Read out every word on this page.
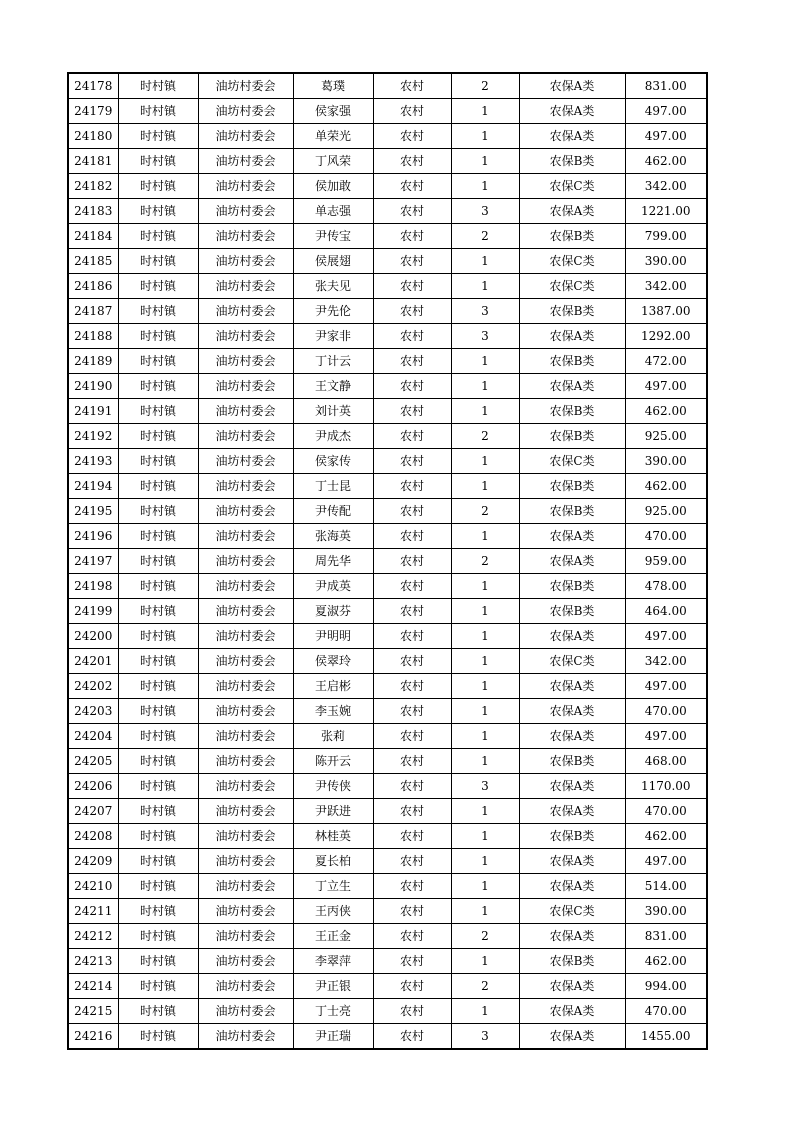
24178	时村镇	油坊村委会	葛璞	农村	2	农保A类	831.00
24179	时村镇	油坊村委会	侯家强	农村	1	农保A类	497.00
24180	时村镇	油坊村委会	单荣光	农村	1	农保A类	497.00
24181	时村镇	油坊村委会	丁风荣	农村	1	农保B类	462.00
24182	时村镇	油坊村委会	侯加敢	农村	1	农保C类	342.00
24183	时村镇	油坊村委会	单志强	农村	3	农保A类	1221.00
24184	时村镇	油坊村委会	尹传宝	农村	2	农保B类	799.00
24185	时村镇	油坊村委会	侯展翅	农村	1	农保C类	390.00
24186	时村镇	油坊村委会	张夫见	农村	1	农保C类	342.00
24187	时村镇	油坊村委会	尹先伦	农村	3	农保B类	1387.00
24188	时村镇	油坊村委会	尹家非	农村	3	农保A类	1292.00
24189	时村镇	油坊村委会	丁计云	农村	1	农保B类	472.00
24190	时村镇	油坊村委会	王文静	农村	1	农保A类	497.00
24191	时村镇	油坊村委会	刘计英	农村	1	农保B类	462.00
24192	时村镇	油坊村委会	尹成杰	农村	2	农保B类	925.00
24193	时村镇	油坊村委会	侯家传	农村	1	农保C类	390.00
24194	时村镇	油坊村委会	丁士昆	农村	1	农保B类	462.00
24195	时村镇	油坊村委会	尹传配	农村	2	农保B类	925.00
24196	时村镇	油坊村委会	张海英	农村	1	农保A类	470.00
24197	时村镇	油坊村委会	周先华	农村	2	农保A类	959.00
24198	时村镇	油坊村委会	尹成英	农村	1	农保B类	478.00
24199	时村镇	油坊村委会	夏淑芬	农村	1	农保B类	464.00
24200	时村镇	油坊村委会	尹明明	农村	1	农保A类	497.00
24201	时村镇	油坊村委会	侯翠玲	农村	1	农保C类	342.00
24202	时村镇	油坊村委会	王启彬	农村	1	农保A类	497.00
24203	时村镇	油坊村委会	李玉婉	农村	1	农保A类	470.00
24204	时村镇	油坊村委会	张莉	农村	1	农保A类	497.00
24205	时村镇	油坊村委会	陈开云	农村	1	农保B类	468.00
24206	时村镇	油坊村委会	尹传侠	农村	3	农保A类	1170.00
24207	时村镇	油坊村委会	尹跃进	农村	1	农保A类	470.00
24208	时村镇	油坊村委会	林桂英	农村	1	农保B类	462.00
24209	时村镇	油坊村委会	夏长柏	农村	1	农保A类	497.00
24210	时村镇	油坊村委会	丁立生	农村	1	农保A类	514.00
24211	时村镇	油坊村委会	王丙侠	农村	1	农保C类	390.00
24212	时村镇	油坊村委会	王正金	农村	2	农保A类	831.00
24213	时村镇	油坊村委会	李翠萍	农村	1	农保B类	462.00
24214	时村镇	油坊村委会	尹正银	农村	2	农保A类	994.00
24215	时村镇	油坊村委会	丁士亮	农村	1	农保A类	470.00
24216	时村镇	油坊村委会	尹正瑞	农村	3	农保A类	1455.00
